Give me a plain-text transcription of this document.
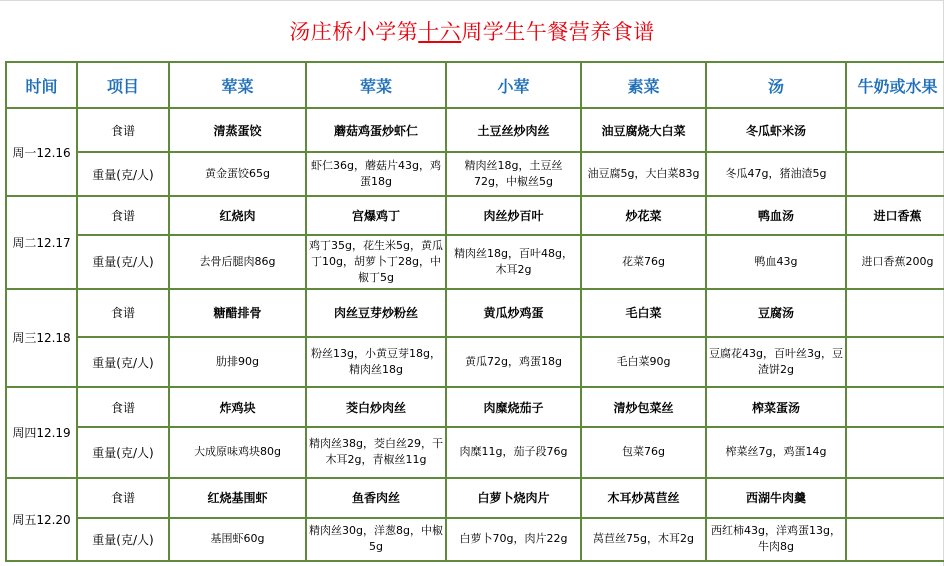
汤庄桥小学第十六周学生午餐营养食谱
时间	项目	荤菜	荤菜	小荤	素菜	汤	牛奶或水果
周一12.16	食谱	清蒸蛋饺	蘑菇鸡蛋炒虾仁	土豆丝炒肉丝	油豆腐烧大白菜	冬瓜虾米汤	
	重量(克/人)	黄金蛋饺65g	虾仁36g，蘑菇片43g，鸡蛋18g	精肉丝18g，土豆丝72g，中椒丝5g	油豆腐5g，大白菜83g	冬瓜47g，猪油渣5g	
周二12.17	食谱	红烧肉	宫爆鸡丁	肉丝炒百叶	炒花菜	鸭血汤	进口香蕉
	重量(克/人)	去骨后腿肉86g	鸡丁35g，花生米5g，黄瓜丁10g，胡萝卜丁28g，中椒丁5g	精肉丝18g，百叶48g，木耳2g	花菜76g	鸭血43g	进口香蕉200g
周三12.18	食谱	糖醋排骨	肉丝豆芽炒粉丝	黄瓜炒鸡蛋	毛白菜	豆腐汤	
	重量(克/人)	肋排90g	粉丝13g，小黄豆芽18g，精肉丝18g	黄瓜72g，鸡蛋18g	毛白菜90g	豆腐花43g，百叶丝3g，豆渣饼2g	
周四12.19	食谱	炸鸡块	茭白炒肉丝	肉糜烧茄子	清炒包菜丝	榨菜蛋汤	
	重量(克/人)	大成原味鸡块80g	精肉丝38g，茭白丝29，干木耳2g，青椒丝11g	肉糜11g，茄子段76g	包菜76g	榨菜丝7g，鸡蛋14g	
周五12.20	食谱	红烧基围虾	鱼香肉丝	白萝卜烧肉片	木耳炒莴苣丝	西湖牛肉羹	
	重量(克/人)	基围虾60g	精肉丝30g，洋葱8g，中椒5g	白萝卜70g，肉片22g	莴苣丝75g，木耳2g	西红柿43g，洋鸡蛋13g，牛肉8g	
